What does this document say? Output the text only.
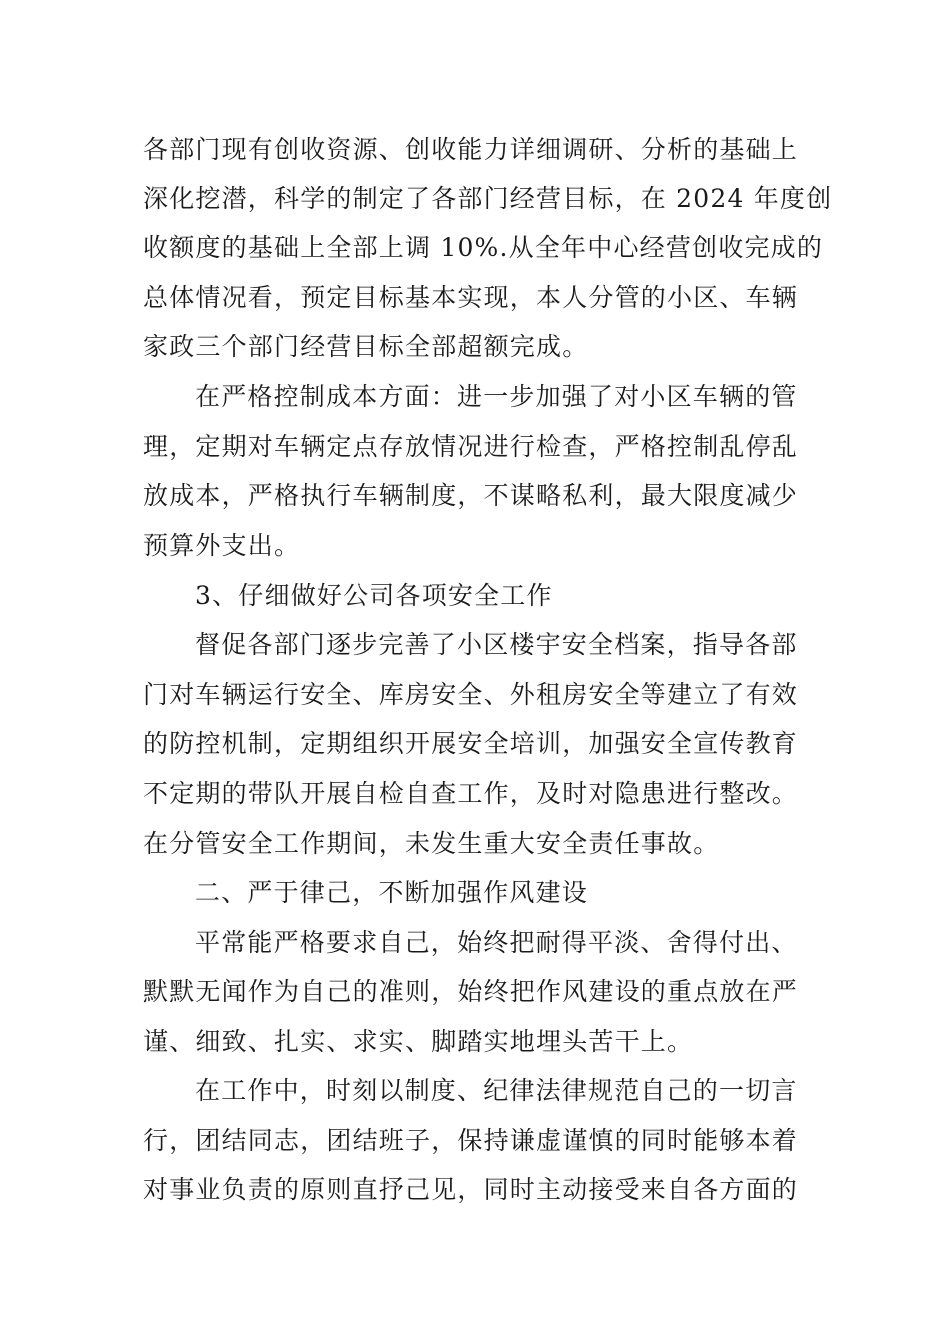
各部门现有创收资源、创收能力详细调研、分析的基础上
深化挖潜，科学的制定了各部门经营目标，在 2024 年度创
收额度的基础上全部上调 10%.从全年中心经营创收完成的
总体情况看，预定目标基本实现，本人分管的小区、车辆
家政三个部门经营目标全部超额完成。
在严格控制成本方面：进一步加强了对小区车辆的管
理，定期对车辆定点存放情况进行检查，严格控制乱停乱
放成本，严格执行车辆制度，不谋略私利，最大限度减少
预算外支出。
3、仔细做好公司各项安全工作
督促各部门逐步完善了小区楼宇安全档案，指导各部
门对车辆运行安全、库房安全、外租房安全等建立了有效
的防控机制，定期组织开展安全培训，加强安全宣传教育
不定期的带队开展自检自查工作，及时对隐患进行整改。
在分管安全工作期间，未发生重大安全责任事故。
二、严于律己，不断加强作风建设
平常能严格要求自己，始终把耐得平淡、舍得付出、
默默无闻作为自己的准则，始终把作风建设的重点放在严
谨、细致、扎实、求实、脚踏实地埋头苦干上。
在工作中，时刻以制度、纪律法律规范自己的一切言
行，团结同志，团结班子，保持谦虚谨慎的同时能够本着
对事业负责的原则直抒己见，同时主动接受来自各方面的
